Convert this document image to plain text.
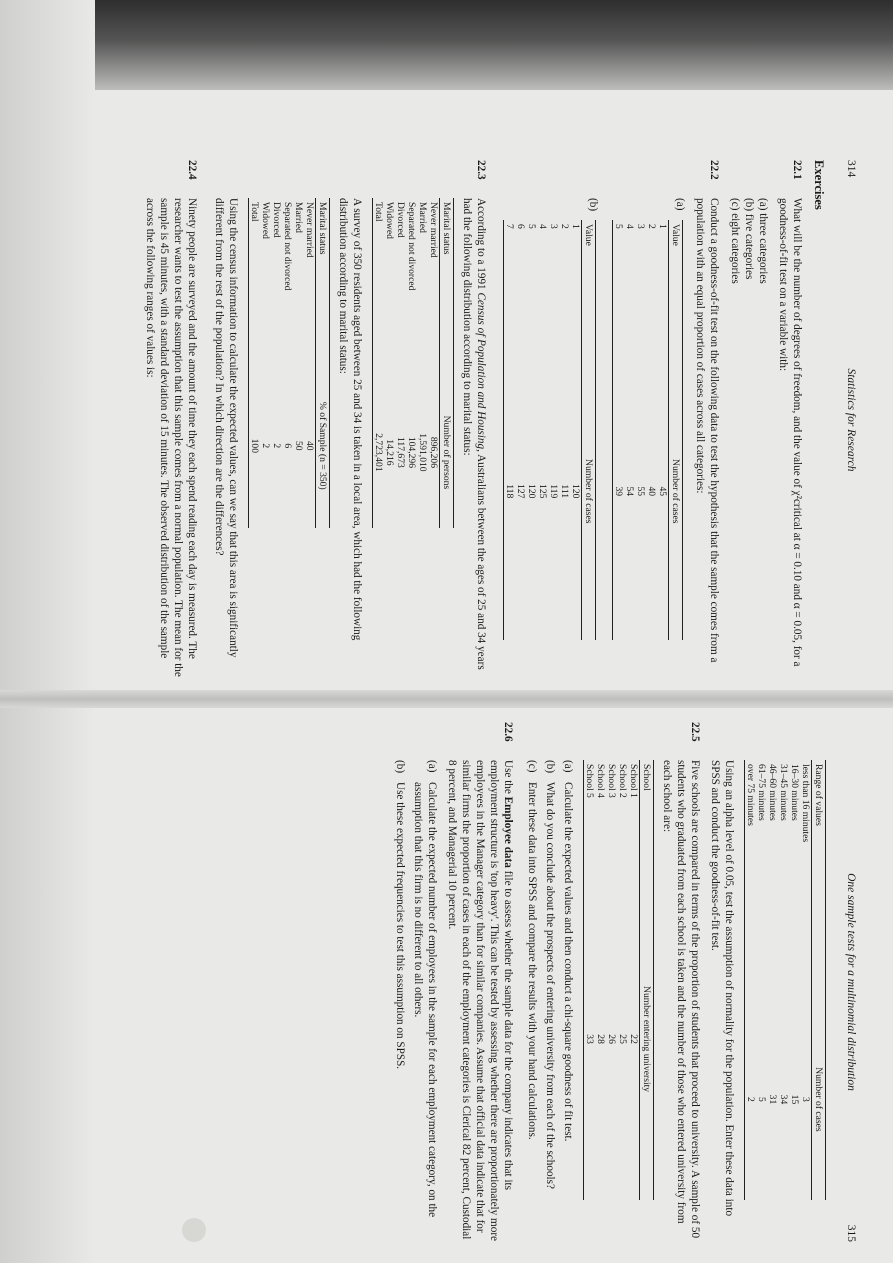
314
Statistics for Research
Exercises
22.1

What will be the number of degrees of freedom, and the value of χ²critical at α = 0.10 and α = 0.05, for a goodness-of-fit test on a variable with:

(a) three categories
(b) five categories
(c) eight categories
22.2

Conduct a goodness-of-fit test on the following data to test the hypothesis that the sample comes from a population with an equal proportion of cases across all categories:

(a)
Value	Number of cases
1	45
2	40
3	55
4	54
5	39
(b)
Value	Number of cases
1	120
2	111
3	119
4	125
5	120
6	127
7	118
22.3

According to a 1991 Census of Population and Housing, Australians between the ages of 25 and 34 years had the following distribution according to marital status:

Marital status	Number of persons
Never married	896,206
Married	1,591,010
Separated not divorced	104,296
Divorced	117,673
Widowed	14,216
Total	2,723,401

A survey of 350 residents aged between 25 and 34 is taken in a local area, which had the following distribution according to marital status:

Marital status	% of Sample (n = 350)
Never married	40
Married	50
Separated not divorced	6
Divorced	2
Widowed	2
Total	100

Using the census information to calculate the expected values, can we say that this area is significantly different from the rest of the population? In which direction are the differences?

22.4

Ninety people are surveyed and the amount of time they each spend reading each day is measured. The researcher wants to test the assumption that this sample comes from a normal population. The mean for the sample is 45 minutes, with a standard deviation of 15 minutes. The observed distribution of the sample across the following ranges of values is:

One sample tests for a multinomial distribution
315
Range of values	Number of cases
less than 16 minutes	3
16–30 minutes	15
31–45 minutes	34
46–60 minutes	31
61–75 minutes	5
over 75 minutes	2

Using an alpha level of 0.05, test the assumption of normality for the population. Enter these data into SPSS and conduct the goodness-of-fit test.

22.5

Five schools are compared in terms of the proportion of students that proceed to university. A sample of 50 students who graduated from each school is taken and the number of those who entered university from each school are:

School	Number entering university
School 1	22
School 2	25
School 3	26
School 4	28
School 5	33
(a)
Calculate the expected values and then conduct a chi-square goodness of fit test.
(b)
What do you conclude about the prospects of entering university from each of the schools?
(c)
Enter these data into SPSS and compare the results with your hand calculations.
22.6

Use the Employee data file to assess whether the sample data for the company indicates that its employment structure is 'top heavy'. This can be tested by assessing whether there are proportionately more employees in the Manager category than for similar companies. Assume that official data indicate that for similar firms the proportion of cases in each of the employment categories is Clerical 82 percent, Custodial 8 percent, and Managerial 10 percent.

(a)
Calculate the expected number of employees in the sample for each employment category, on the assumption that this firm is no different to all others.
(b)
Use these expected frequencies to test this assumption on SPSS.
